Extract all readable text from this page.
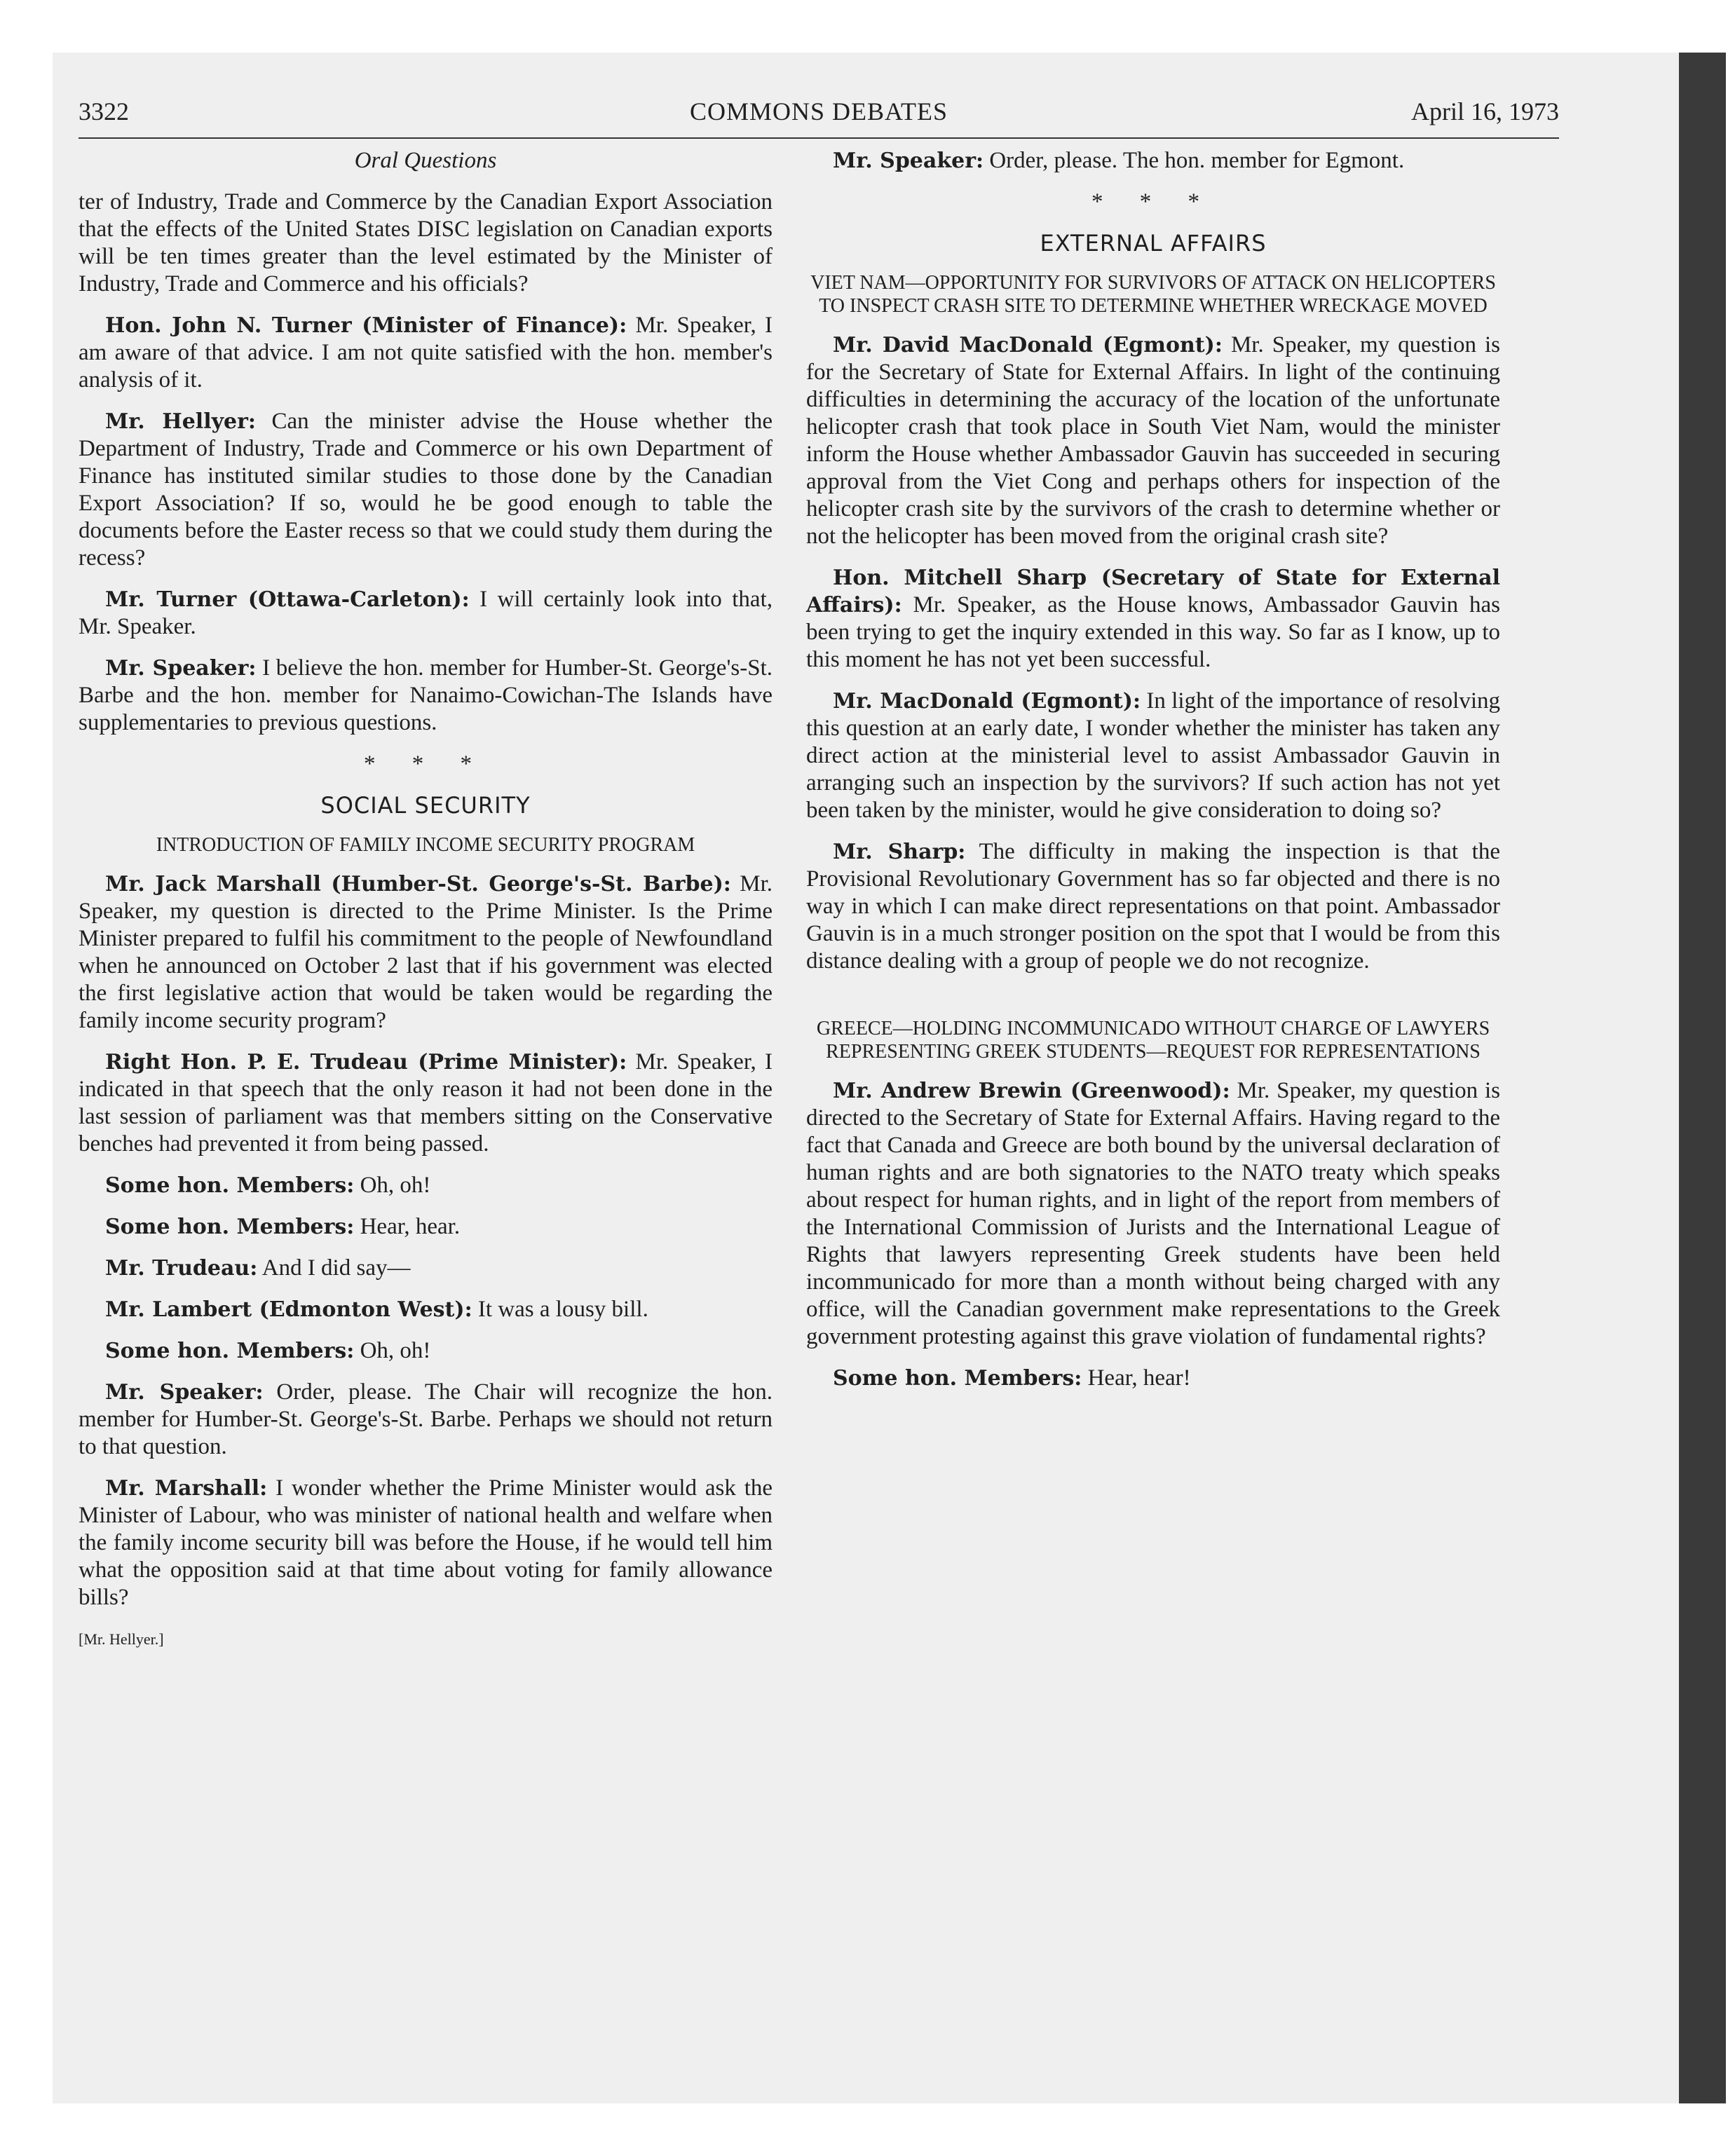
3322	COMMONS DEBATES	April 16, 1973

Oral Questions

ter of Industry, Trade and Commerce by the Canadian Export Association that the effects of the United States DISC legislation on Canadian exports will be ten times greater than the level estimated by the Minister of Industry, Trade and Commerce and his officials?

Hon. John N. Turner (Minister of Finance): Mr. Speaker, I am aware of that advice. I am not quite satisfied with the hon. member's analysis of it.

Mr. Hellyer: Can the minister advise the House whether the Department of Industry, Trade and Commerce or his own Department of Finance has instituted similar studies to those done by the Canadian Export Association? If so, would he be good enough to table the documents before the Easter recess so that we could study them during the recess?

Mr. Turner (Ottawa-Carleton): I will certainly look into that, Mr. Speaker.

Mr. Speaker: I believe the hon. member for Humber-St. George's-St. Barbe and the hon. member for Nanaimo-Cowichan-The Islands have supplementaries to previous questions.

* * *

SOCIAL SECURITY

INTRODUCTION OF FAMILY INCOME SECURITY PROGRAM

Mr. Jack Marshall (Humber-St. George's-St. Barbe): Mr. Speaker, my question is directed to the Prime Minister. Is the Prime Minister prepared to fulfil his commitment to the people of Newfoundland when he announced on October 2 last that if his government was elected the first legislative action that would be taken would be regarding the family income security program?

Right Hon. P. E. Trudeau (Prime Minister): Mr. Speaker, I indicated in that speech that the only reason it had not been done in the last session of parliament was that members sitting on the Conservative benches had prevented it from being passed.

Some hon. Members: Oh, oh!

Some hon. Members: Hear, hear.

Mr. Trudeau: And I did say—

Mr. Lambert (Edmonton West): It was a lousy bill.

Some hon. Members: Oh, oh!

Mr. Speaker: Order, please. The Chair will recognize the hon. member for Humber-St. George's-St. Barbe. Perhaps we should not return to that question.

Mr. Marshall: I wonder whether the Prime Minister would ask the Minister of Labour, who was minister of national health and welfare when the family income security bill was before the House, if he would tell him what the opposition said at that time about voting for family allowance bills?

[Mr. Hellyer.]

Mr. Speaker: Order, please. The hon. member for Egmont.

* * *

EXTERNAL AFFAIRS

VIET NAM—OPPORTUNITY FOR SURVIVORS OF ATTACK ON HELICOPTERS TO INSPECT CRASH SITE TO DETERMINE WHETHER WRECKAGE MOVED

Mr. David MacDonald (Egmont): Mr. Speaker, my question is for the Secretary of State for External Affairs. In light of the continuing difficulties in determining the accuracy of the location of the unfortunate helicopter crash that took place in South Viet Nam, would the minister inform the House whether Ambassador Gauvin has succeeded in securing approval from the Viet Cong and perhaps others for inspection of the helicopter crash site by the survivors of the crash to determine whether or not the helicopter has been moved from the original crash site?

Hon. Mitchell Sharp (Secretary of State for External Affairs): Mr. Speaker, as the House knows, Ambassador Gauvin has been trying to get the inquiry extended in this way. So far as I know, up to this moment he has not yet been successful.

Mr. MacDonald (Egmont): In light of the importance of resolving this question at an early date, I wonder whether the minister has taken any direct action at the ministerial level to assist Ambassador Gauvin in arranging such an inspection by the survivors? If such action has not yet been taken by the minister, would he give consideration to doing so?

Mr. Sharp: The difficulty in making the inspection is that the Provisional Revolutionary Government has so far objected and there is no way in which I can make direct representations on that point. Ambassador Gauvin is in a much stronger position on the spot that I would be from this distance dealing with a group of people we do not recognize.

GREECE—HOLDING INCOMMUNICADO WITHOUT CHARGE OF LAWYERS REPRESENTING GREEK STUDENTS—REQUEST FOR REPRESENTATIONS

Mr. Andrew Brewin (Greenwood): Mr. Speaker, my question is directed to the Secretary of State for External Affairs. Having regard to the fact that Canada and Greece are both bound by the universal declaration of human rights and are both signatories to the NATO treaty which speaks about respect for human rights, and in light of the report from members of the International Commission of Jurists and the International League of Rights that lawyers representing Greek students have been held incommunicado for more than a month without being charged with any office, will the Canadian government make representations to the Greek government protesting against this grave violation of fundamental rights?

Some hon. Members: Hear, hear!
